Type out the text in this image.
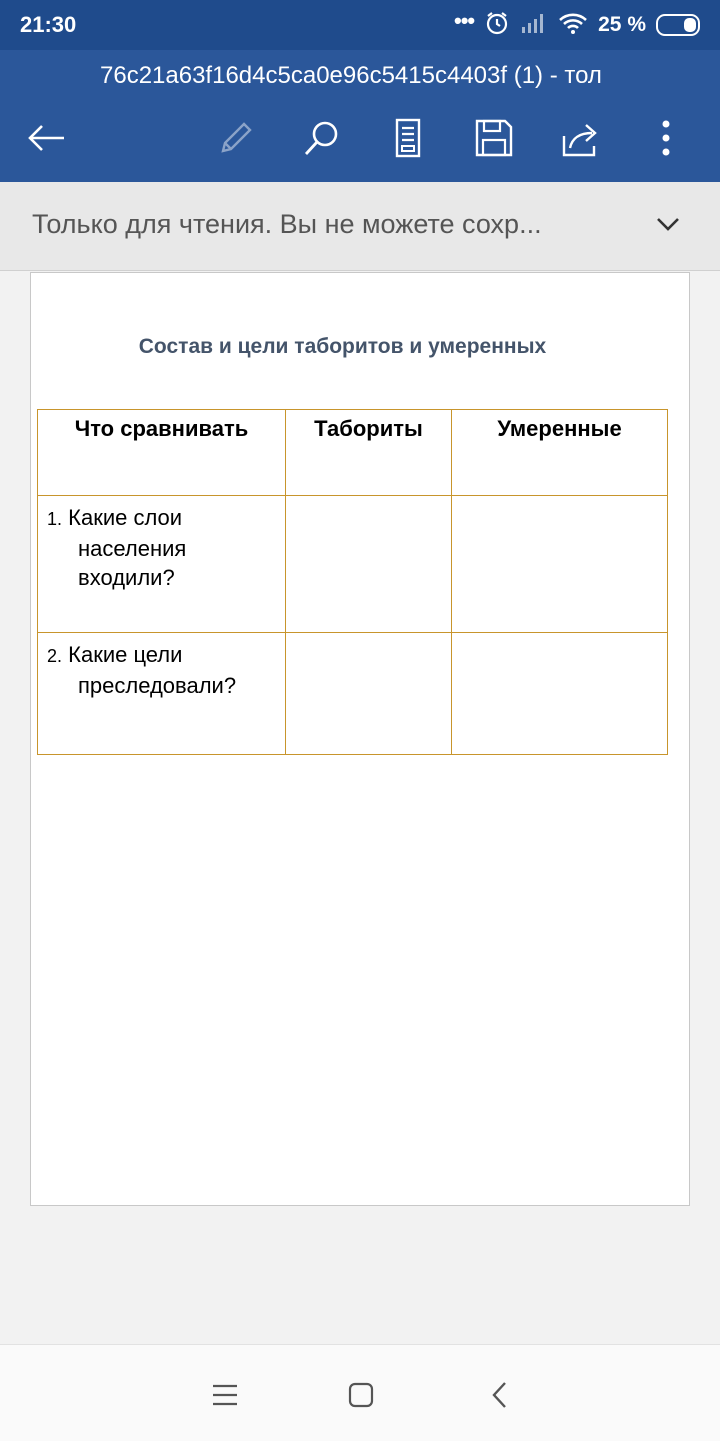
21:30	•••	25 %
76c21a63f16d4c5ca0e96c5415c4403f (1) - тол
Только для чтения. Вы не можете сохр...
Состав и цели таборитов и умеренных
Что сравнивать	Табориты	Умеренные
1. Какие слои
населения
входили?		

2. Какие цели
преследовали?		
